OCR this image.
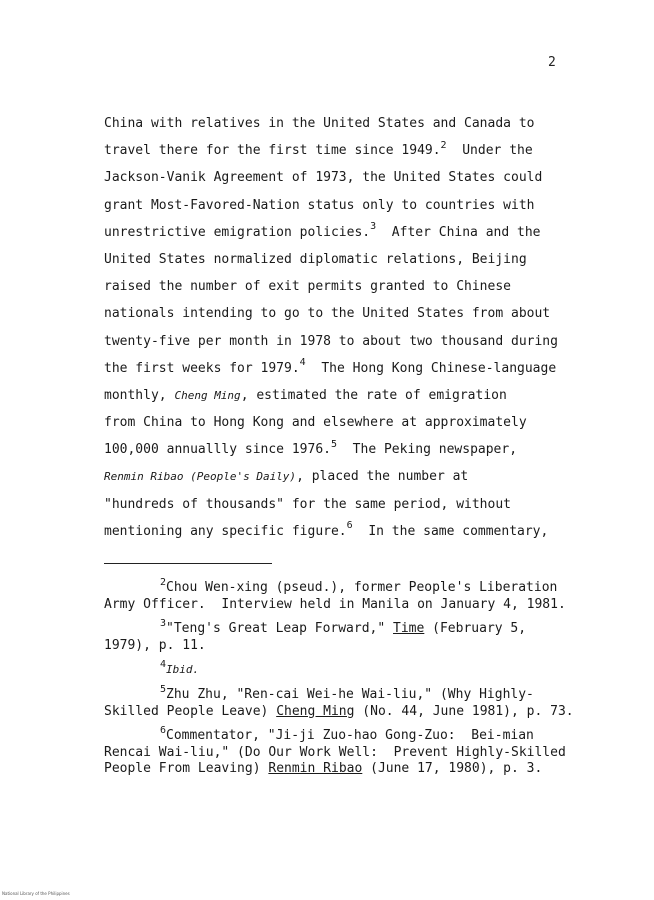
2
China with relatives in the United States and Canada to
travel there for the first time since 1949.$^2$  Under the
Jackson-Vanik Agreement of 1973, the United States could
grant Most-Favored-Nation status only to countries with
unrestrictive emigration policies.$^3$  After China and the
United States normalized diplomatic relations, Beijing
raised the number of exit permits granted to Chinese
nationals intending to go to the United States from about
twenty-five per month in 1978 to about two thousand during
the first weeks for 1979.$^4$  The Hong Kong Chinese-language
monthly, Cheng Ming, estimated the rate of emigration
from China to Hong Kong and elsewhere at approximately
100,000 annuallly since 1976.$^5$  The Peking newspaper,
Renmin Ribao (People's Daily), placed the number at
"hundreds of thousands" for the same period, without
mentioning any specific figure.$^6$  In the same commentary,
$^2$Chou Wen-xing (pseud.), former People's Liberation
Army Officer.  Interview held in Manila on January 4, 1981.
$^3$"Teng's Great Leap Forward," Time (February 5,
1979), p. 11.
$^4$Ibid.
$^5$Zhu Zhu, "Ren-cai Wei-he Wai-liu," (Why Highly-
Skilled People Leave) Cheng Ming (No. 44, June 1981), p. 73.
$^6$Commentator, "Ji-ji Zuo-hao Gong-Zuo:  Bei-mian
Rencai Wai-liu," (Do Our Work Well:  Prevent Highly-Skilled
People From Leaving) Renmin Ribao (June 17, 1980), p. 3.
National Library of the Philippines
